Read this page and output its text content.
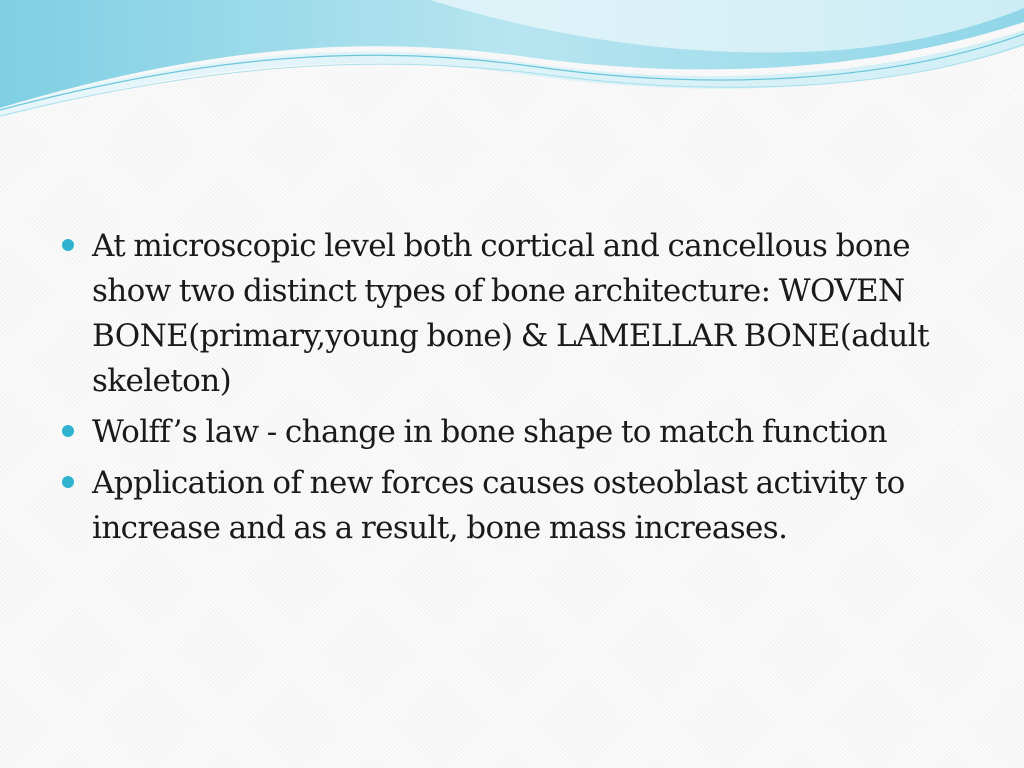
At microscopic level both cortical and cancellous bone show two distinct types of bone architecture: WOVEN BONE(primary,young bone) & LAMELLAR BONE(adult skeleton)
Wolff’s law - change in bone shape to match function
Application of new forces causes osteoblast activity to increase and as a result, bone mass increases.
